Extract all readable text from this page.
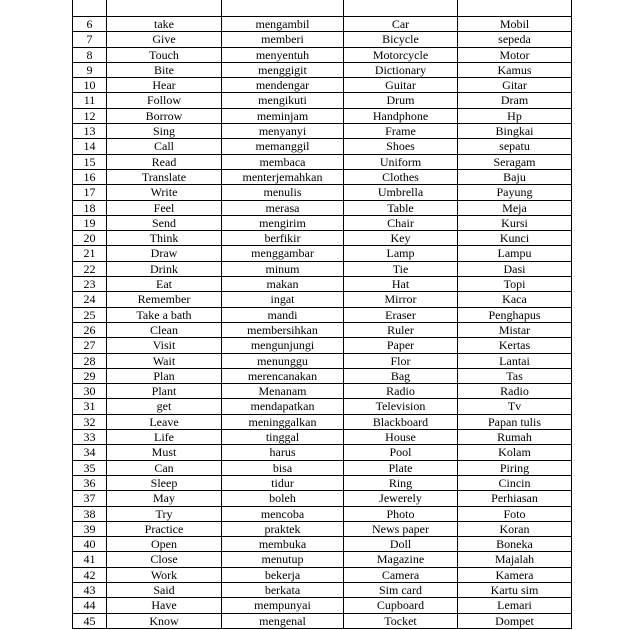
6	take	mengambil	Car	Mobil
7	Give	memberi	Bicycle	sepeda
8	Touch	menyentuh	Motorcycle	Motor
9	Bite	menggigit	Dictionary	Kamus
10	Hear	mendengar	Guitar	Gitar
11	Follow	mengikuti	Drum	Dram
12	Borrow	meminjam	Handphone	Hp
13	Sing	menyanyi	Frame	Bingkai
14	Call	memanggil	Shoes	sepatu
15	Read	membaca	Uniform	Seragam
16	Translate	menterjemahkan	Clothes	Baju
17	Write	menulis	Umbrella	Payung
18	Feel	merasa	Table	Meja
19	Send	mengirim	Chair	Kursi
20	Think	berfikir	Key	Kunci
21	Draw	menggambar	Lamp	Lampu
22	Drink	minum	Tie	Dasi
23	Eat	makan	Hat	Topi
24	Remember	ingat	Mirror	Kaca
25	Take a bath	mandi	Eraser	Penghapus
26	Clean	membersihkan	Ruler	Mistar
27	Visit	mengunjungi	Paper	Kertas
28	Wait	menunggu	Flor	Lantai
29	Plan	merencanakan	Bag	Tas
30	Plant	Menanam	Radio	Radio
31	get	mendapatkan	Television	Tv
32	Leave	meninggalkan	Blackboard	Papan tulis
33	Life	tinggal	House	Rumah
34	Must	harus	Pool	Kolam
35	Can	bisa	Plate	Piring
36	Sleep	tidur	Ring	Cincin
37	May	boleh	Jewerely	Perhiasan
38	Try	mencoba	Photo	Foto
39	Practice	praktek	News paper	Koran
40	Open	membuka	Doll	Boneka
41	Close	menutup	Magazine	Majalah
42	Work	bekerja	Camera	Kamera
43	Said	berkata	Sim card	Kartu sim
44	Have	mempunyai	Cupboard	Lemari
45	Know	mengenal	Tocket	Dompet
